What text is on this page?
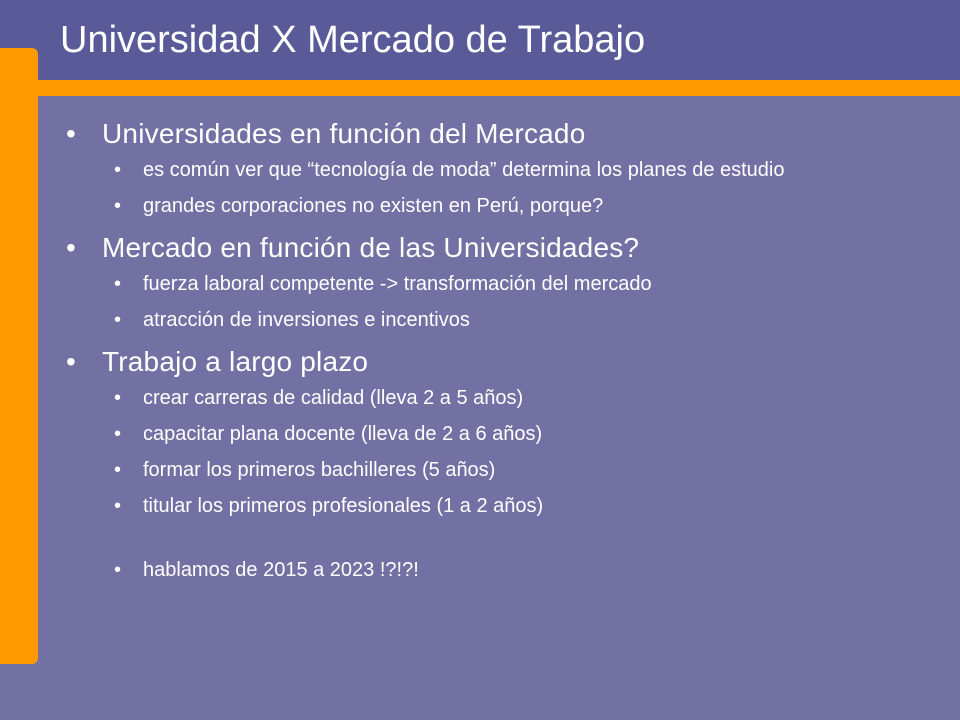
Universidad X Mercado de Trabajo
• Universidades en función del Mercado
• es común ver que “tecnología de moda” determina los planes de estudio
• grandes corporaciones no existen en Perú, porque?
• Mercado en función de las Universidades?
• fuerza laboral competente -> transformación del mercado
• atracción de inversiones e incentivos
• Trabajo a largo plazo
• crear carreras de calidad (lleva 2 a 5 años)
• capacitar plana docente (lleva de 2 a 6 años)
• formar los primeros bachilleres (5 años)
• titular los primeros profesionales (1 a 2 años)
• hablamos de 2015 a 2023 !?!?!
